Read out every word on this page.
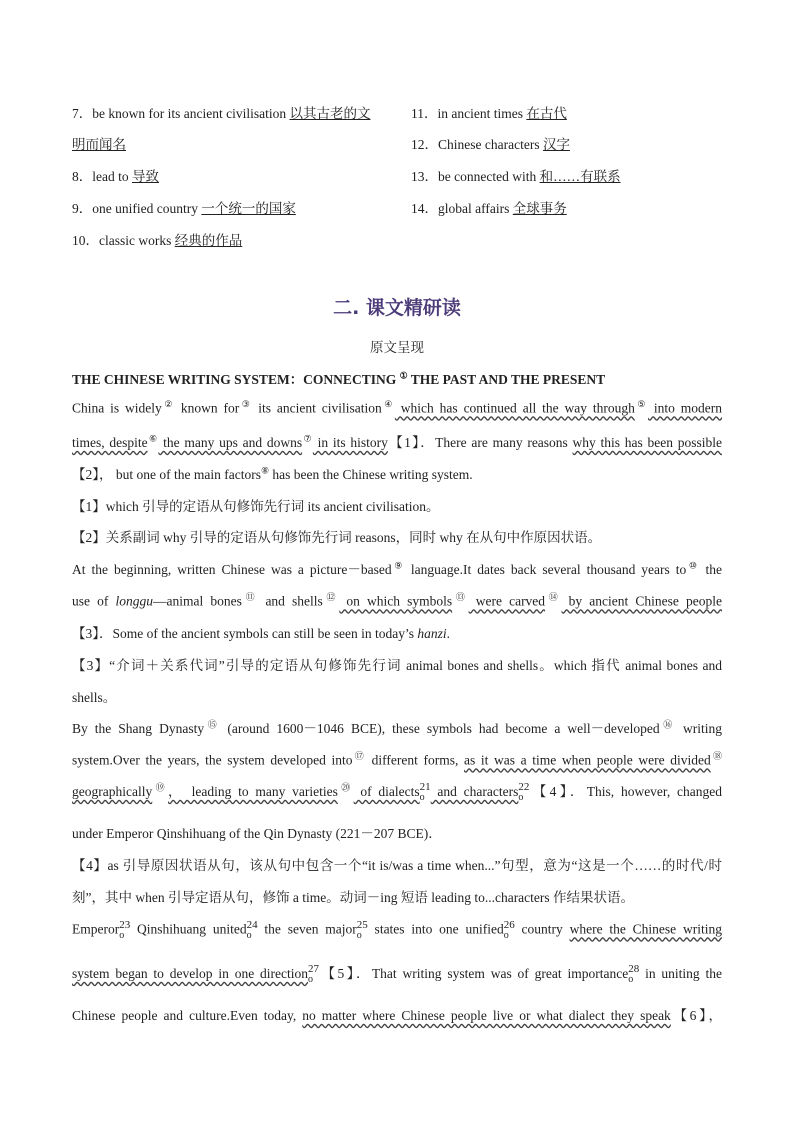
7．be known for its ancient civilisation 以其古老的文
明而闻名
8．lead to 导致
9．one unified country 一个统一的国家
10．classic works 经典的作品
11．in ancient times 在古代
12．Chinese characters 汉字
13．be connected with 和……有联系
14．global affairs 全球事务
二. 课文精研读
原文呈现
THE CHINESE WRITING SYSTEM：CONNECTING ① THE PAST AND THE PRESENT
China is widely② known for③ its ancient civilisation④ which has continued all the way through⑤ into modern
times, despite⑥ the many ups and downs⑦ in its history【1】．There are many reasons why this has been possible
【2】， but one of the main factors⑧ has been the Chinese writing system.
【1】which 引导的定语从句修饰先行词 its ancient civilisation。
【2】关系副词 why 引导的定语从句修饰先行词 reasons，同时 why 在从句中作原因状语。
At the beginning, written Chinese was a picture－based⑨ language.It dates back several thousand years to⑩ the
use of longgu—animal bones⑪ and shells⑫ on which symbols⑬ were carved⑭ by ancient Chinese people
【3】．Some of the ancient symbols can still be seen in today’s hanzi.
【3】“介词＋关系代词”引导的定语从句修饰先行词 animal bones and shells。which 指代 animal bones and
shells。
By the Shang Dynasty⑮ (around 1600－1046 BCE), these symbols had become a well－developed⑯ writing
system.Over the years, the system developed into⑰ different forms, as it was a time when people were divided⑱
geographically⑲， leading to many varieties⑳ of dialects 21
o and characters 22
o 【4】．This, however, changed
under Emperor Qinshihuang of the Qin Dynasty (221－207 BCE)．
【4】as 引导原因状语从句，该从句中包含一个“it is/was a time when...”句型，意为“这是一个……的时代/时
刻”，其中 when 引导定语从句，修饰 a time。动词－ing 短语 leading to...characters 作结果状语。
Emperor 23
o Qinshihuang united 24
o the seven major 25
o states into one unified 26
o country where the Chinese writing
system began to develop in one direction 27
o 【5】．That writing system was of great importance 28
o in uniting the
Chinese people and culture.Even today, no matter where Chinese people live or what dialect they speak【6】，
